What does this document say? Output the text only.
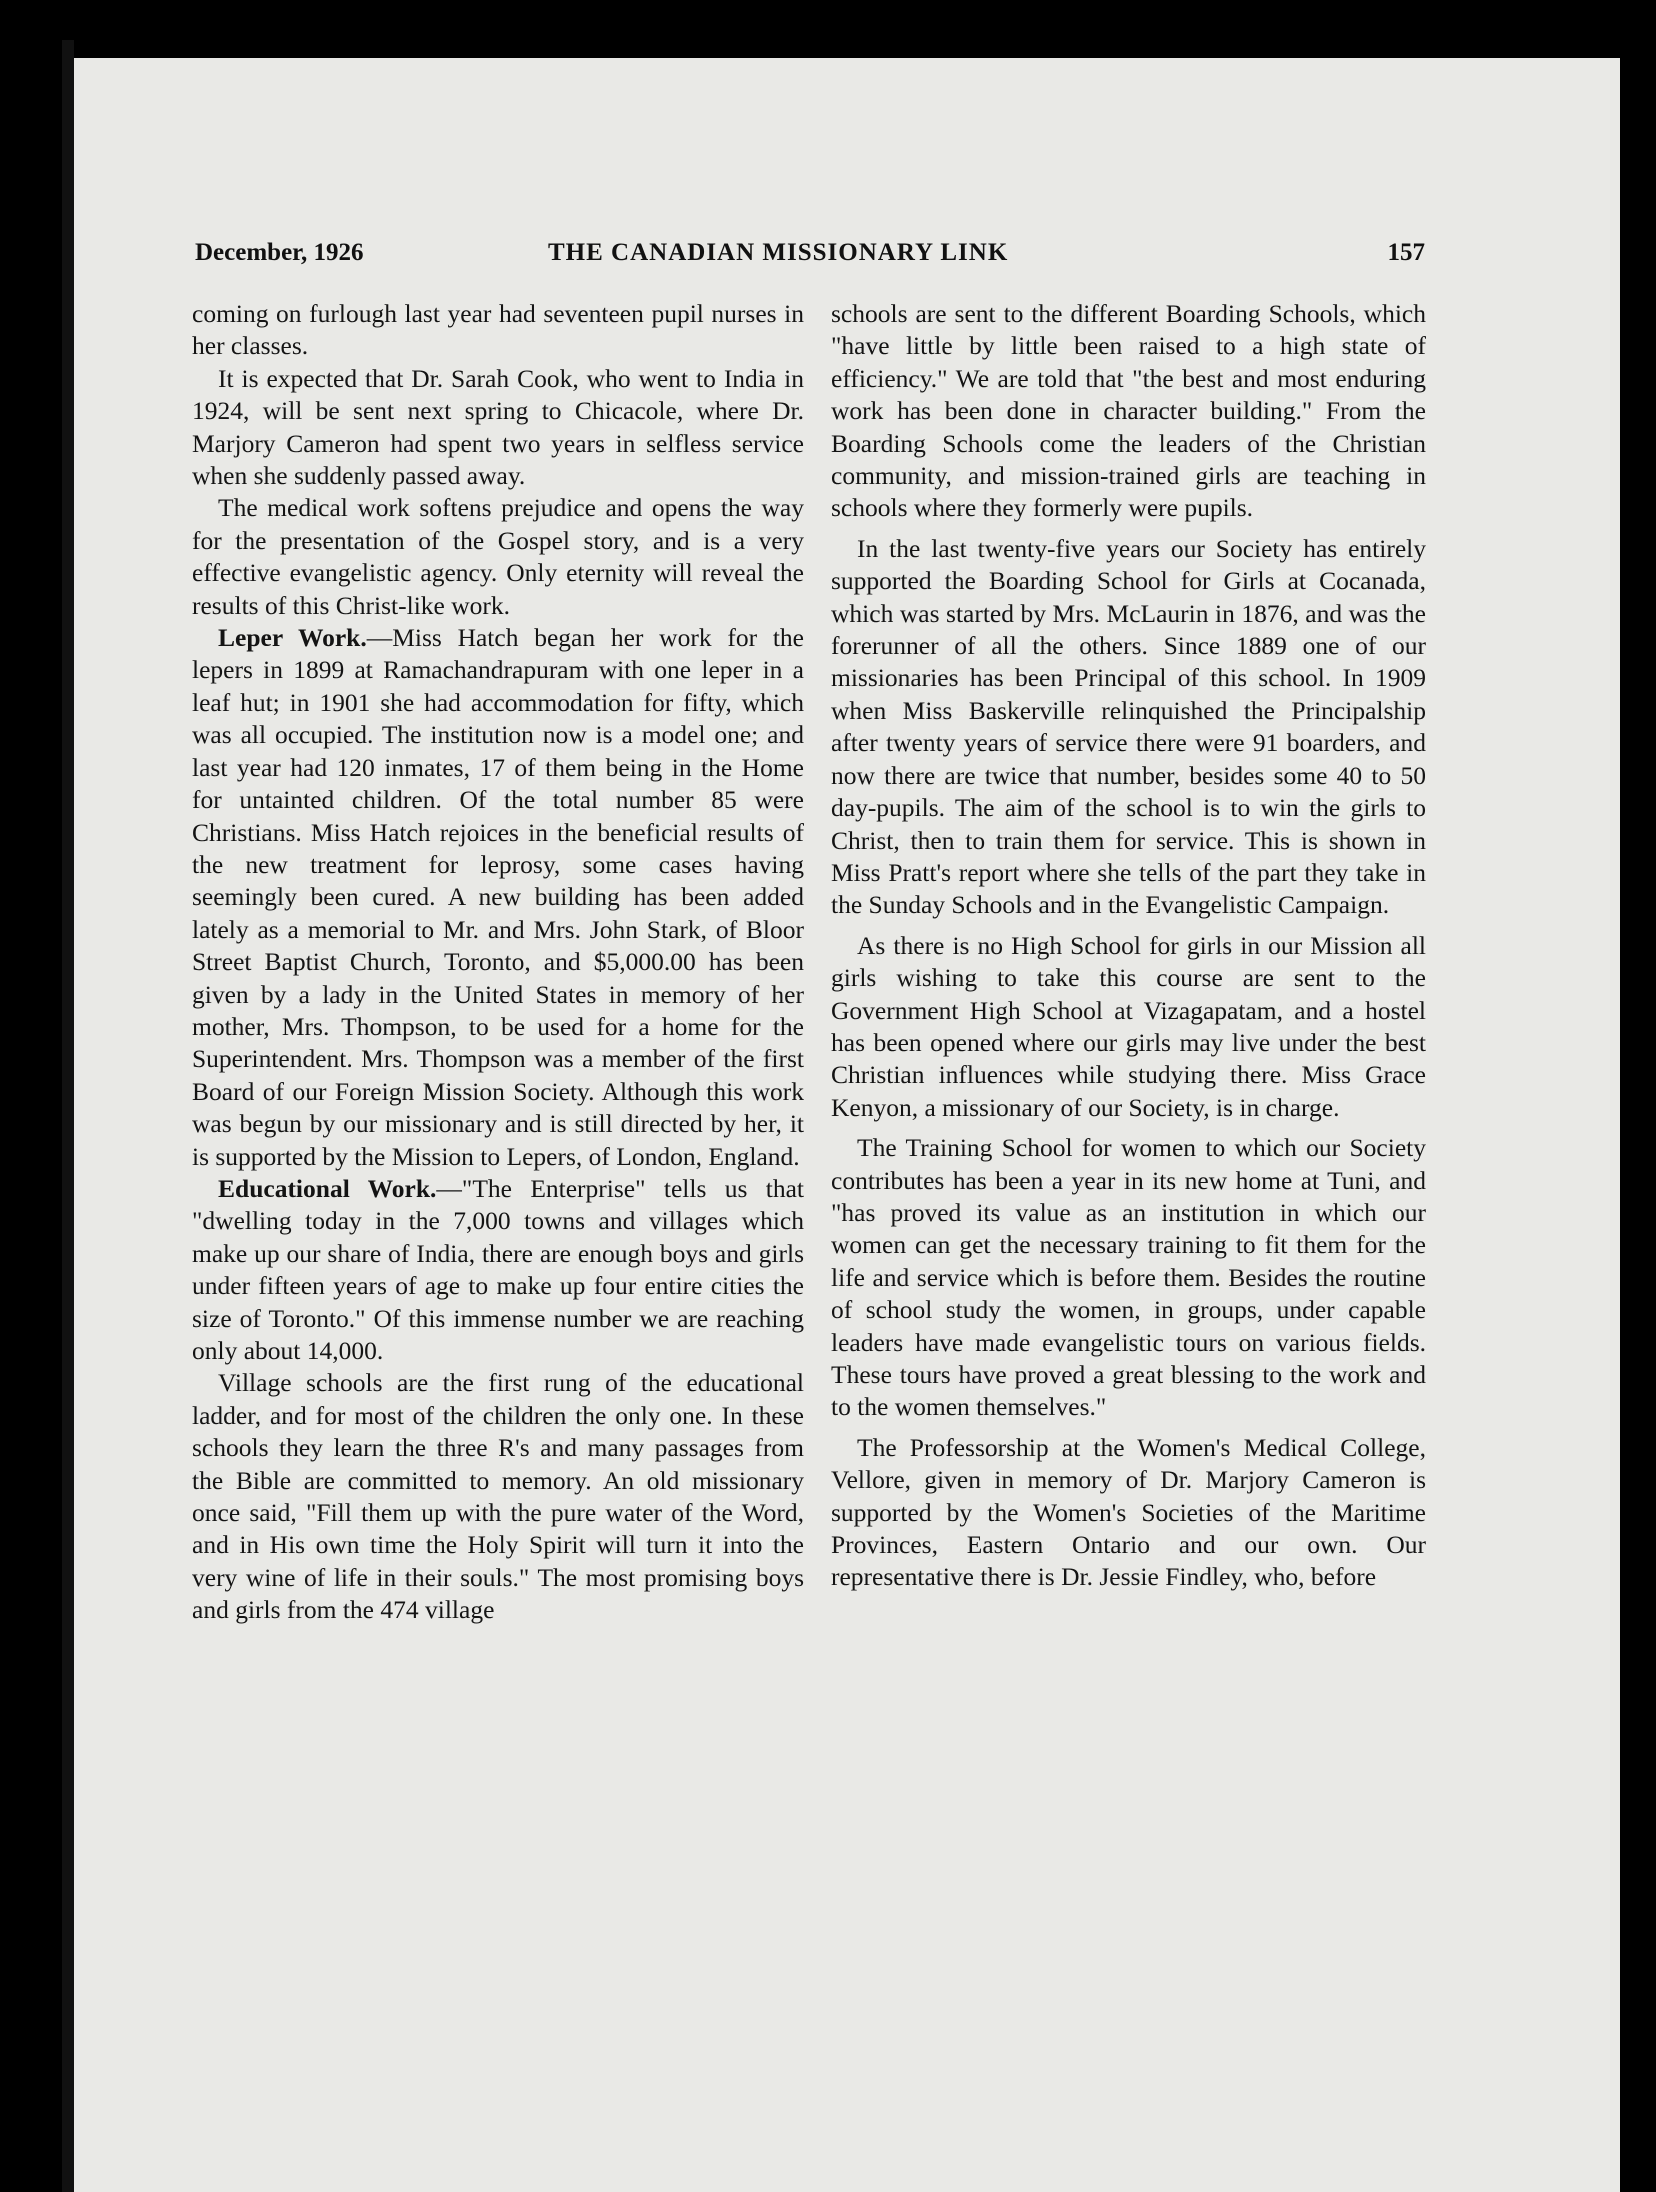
December, 1926	THE CANADIAN MISSIONARY LINK	157

coming on furlough last year had seventeen pupil nurses in her classes.

It is expected that Dr. Sarah Cook, who went to India in 1924, will be sent next spring to Chicacole, where Dr. Marjory Cameron had spent two years in selfless service when she suddenly passed away.

The medical work softens prejudice and opens the way for the presentation of the Gospel story, and is a very effective evangelistic agency. Only eternity will reveal the results of this Christ-like work.

Leper Work.—Miss Hatch began her work for the lepers in 1899 at Ramachandrapuram with one leper in a leaf hut; in 1901 she had accommodation for fifty, which was all occupied. The institution now is a model one; and last year had 120 inmates, 17 of them being in the Home for untainted children. Of the total number 85 were Christians. Miss Hatch rejoices in the beneficial results of the new treatment for leprosy, some cases having seemingly been cured. A new building has been added lately as a memorial to Mr. and Mrs. John Stark, of Bloor Street Baptist Church, Toronto, and $5,000.00 has been given by a lady in the United States in memory of her mother, Mrs. Thompson, to be used for a home for the Superintendent. Mrs. Thompson was a member of the first Board of our Foreign Mission Society. Although this work was begun by our missionary and is still directed by her, it is supported by the Mission to Lepers, of London, England.

Educational Work.—"The Enterprise" tells us that "dwelling today in the 7,000 towns and villages which make up our share of India, there are enough boys and girls under fifteen years of age to make up four entire cities the size of Toronto." Of this immense number we are reaching only about 14,000.

Village schools are the first rung of the educational ladder, and for most of the children the only one. In these schools they learn the three R's and many passages from the Bible are committed to memory. An old missionary once said, "Fill them up with the pure water of the Word, and in His own time the Holy Spirit will turn it into the very wine of life in their souls." The most promising boys and girls from the 474 village

schools are sent to the different Boarding Schools, which "have little by little been raised to a high state of efficiency." We are told that "the best and most enduring work has been done in character building." From the Boarding Schools come the leaders of the Christian community, and mission-trained girls are teaching in schools where they formerly were pupils.

In the last twenty-five years our Society has entirely supported the Boarding School for Girls at Cocanada, which was started by Mrs. McLaurin in 1876, and was the forerunner of all the others. Since 1889 one of our missionaries has been Principal of this school. In 1909 when Miss Baskerville relinquished the Principalship after twenty years of service there were 91 boarders, and now there are twice that number, besides some 40 to 50 day-pupils. The aim of the school is to win the girls to Christ, then to train them for service. This is shown in Miss Pratt's report where she tells of the part they take in the Sunday Schools and in the Evangelistic Campaign.

As there is no High School for girls in our Mission all girls wishing to take this course are sent to the Government High School at Vizagapatam, and a hostel has been opened where our girls may live under the best Christian influences while studying there. Miss Grace Kenyon, a missionary of our Society, is in charge.

The Training School for women to which our Society contributes has been a year in its new home at Tuni, and "has proved its value as an institution in which our women can get the necessary training to fit them for the life and service which is before them. Besides the routine of school study the women, in groups, under capable leaders have made evangelistic tours on various fields. These tours have proved a great blessing to the work and to the women themselves."

The Professorship at the Women's Medical College, Vellore, given in memory of Dr. Marjory Cameron is supported by the Women's Societies of the Maritime Provinces, Eastern Ontario and our own. Our representative there is Dr. Jessie Findley, who, before
